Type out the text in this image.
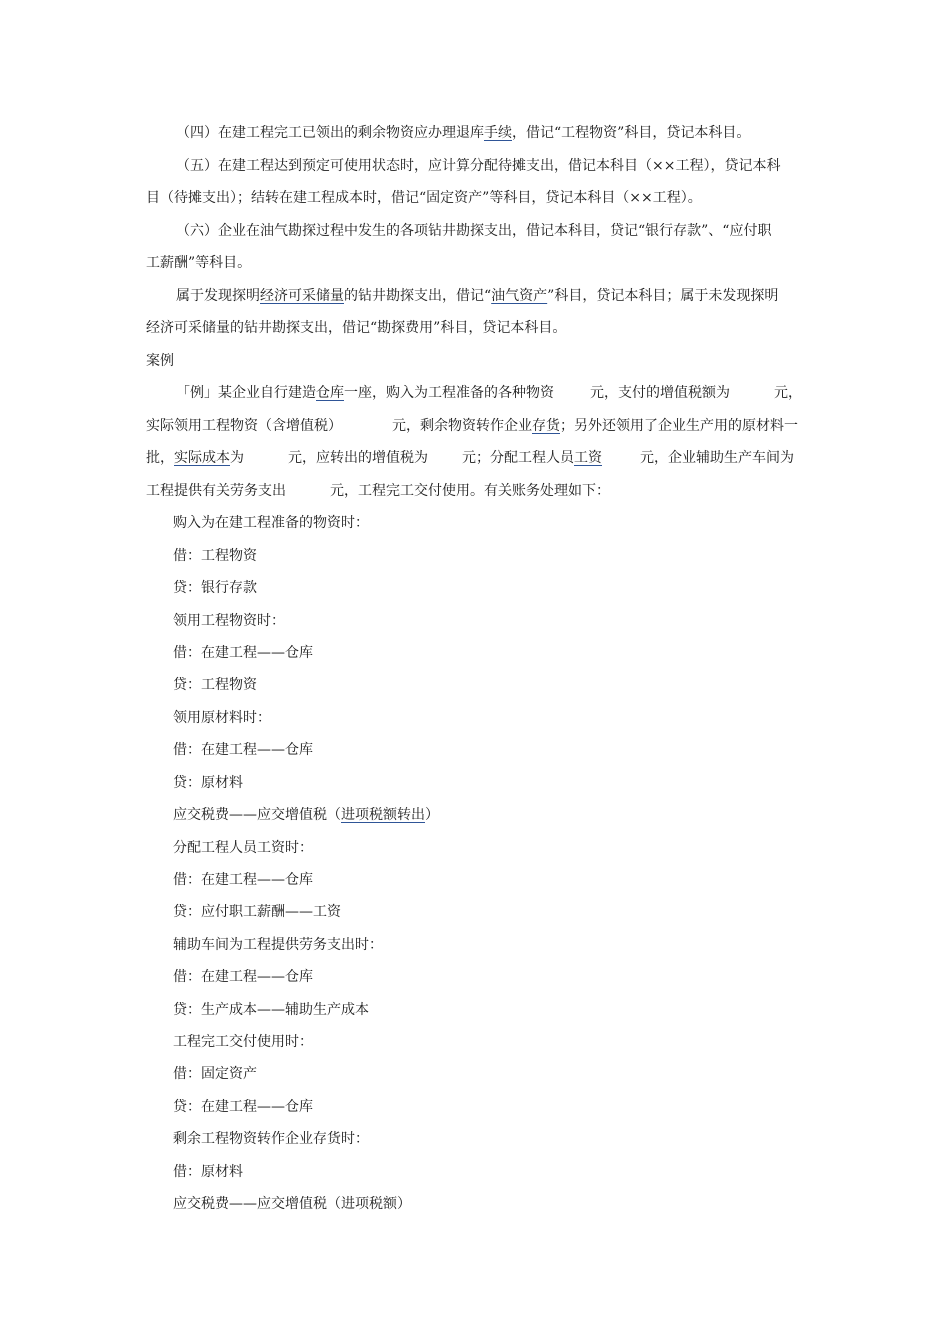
（四）在建工程完工已领出的剩余物资应办理退库手续，借记“工程物资”科目，贷记本科目。
（五）在建工程达到预定可使用状态时，应计算分配待摊支出，借记本科目（××工程），贷记本科
目（待摊支出）；结转在建工程成本时，借记“固定资产”等科目，贷记本科目（××工程）。
（六）企业在油气勘探过程中发生的各项钻井勘探支出，借记本科目，贷记“银行存款”、“应付职
工薪酬”等科目。
属于发现探明经济可采储量的钻井勘探支出，借记“油气资产”科目，贷记本科目；属于未发现探明
经济可采储量的钻井勘探支出，借记“勘探费用”科目，贷记本科目。
案例
「例」某企业自行建造仓库一座，购入为工程准备的各种物资	元，支付的增值税额为	元，
实际领用工程物资（含增值税）	元，剩余物资转作企业存货；另外还领用了企业生产用的原材料一
批，实际成本为	元，应转出的增值税为 元；分配工程人员工资	元，企业辅助生产车间为
工程提供有关劳务支出	元，工程完工交付使用。有关账务处理如下：
购入为在建工程准备的物资时：
借：工程物资
贷：银行存款
领用工程物资时：
借：在建工程——仓库
贷：工程物资
领用原材料时：
借：在建工程——仓库
贷：原材料
应交税费——应交增值税（进项税额转出）
分配工程人员工资时：
借：在建工程——仓库
贷：应付职工薪酬——工资
辅助车间为工程提供劳务支出时：
借：在建工程——仓库
贷：生产成本——辅助生产成本
工程完工交付使用时：
借：固定资产
贷：在建工程——仓库
剩余工程物资转作企业存货时：
借：原材料
应交税费——应交增值税（进项税额）
